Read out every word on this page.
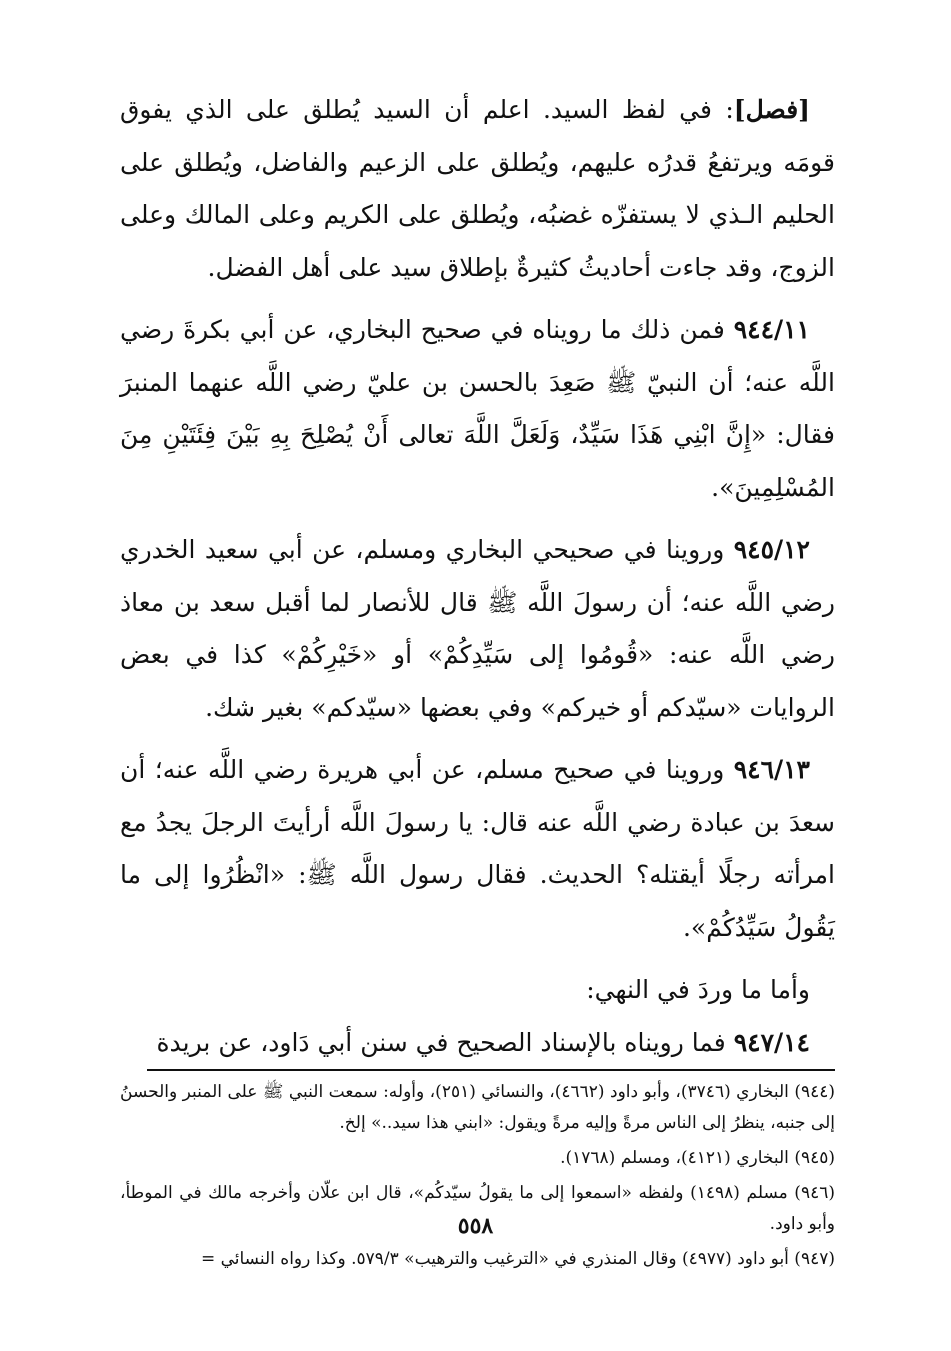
[فصل]: في لفظ السيد. اعلم أن السيد يُطلق على الذي يفوق قومَه ويرتفعُ قدرُه عليهم، ويُطلق على الزعيم والفاضل، ويُطلق على الحليم الـذي لا يستفزّه غضبُه، ويُطلق على الكريم وعلى المالك وعلى الزوج، وقد جاءت أحاديثُ كثيرةٌ بإطلاق سيد على أهل الفضل.

٩٤٤/١١ فمن ذلك ما رويناه في صحيح البخاري، عن أبي بكرةَ رضي اللَّه عنه؛ أن النبيّ ﷺ صَعِدَ بالحسن بن عليّ رضي اللَّه عنهما المنبرَ فقال: «إِنَّ ابْنِي هَذَا سَيِّدٌ، وَلَعَلَّ اللَّهَ تعالى أَنْ يُصْلِحَ بِهِ بَيْنَ فِئَتَيْنِ مِنَ المُسْلِمِينَ».

٩٤٥/١٢ وروينا في صحيحي البخاري ومسلم، عن أبي سعيد الخدري رضي اللَّه عنه؛ أن رسولَ اللَّه ﷺ قال للأنصار لما أقبل سعد بن معاذ رضي اللَّه عنه: «قُومُوا إلى سَيِّدِكُمْ» أو «خَيْرِكُمْ» كذا في بعض الروايات «سيّدكم أو خيركم» وفي بعضها «سيّدكم» بغير شك.

٩٤٦/١٣ وروينا في صحيح مسلم، عن أبي هريرة رضي اللَّه عنه؛ أن سعدَ بن عبادة رضي اللَّه عنه قال: يا رسولَ اللَّه أرأيتَ الرجلَ يجدُ مع امرأته رجلًا أيقتله؟ الحديث. فقال رسول اللَّه ﷺ: «انْظُرُوا إلى ما يَقُولُ سَيِّدُكُمْ».

وأما ما وردَ في النهي:

٩٤٧/١٤ فما رويناه بالإسناد الصحيح في سنن أبي دَاود، عن بريدة

(٩٤٤) البخاري (٣٧٤٦)، وأبو داود (٤٦٦٢)، والنسائي (٢٥١)، وأوله: سمعت النبي ﷺ على المنبر والحسنُ إلى جنبه، ينظرُ إلى الناس مرةً وإليه مرةً ويقول: «ابني هذا سيد..» إلخ.

(٩٤٥) البخاري (٤١٢١)، ومسلم (١٧٦٨).

(٩٤٦) مسلم (١٤٩٨) ولفظه «اسمعوا إلى ما يقولُ سيّدكُم»، قال ابن علّان وأخرجه مالك في الموطأ، وأبو داود.

(٩٤٧) أبو داود (٤٩٧٧) وقال المنذري في «الترغيب والترهيب» ٥٧٩/٣. وكذا رواه النسائي =

٥٥٨
